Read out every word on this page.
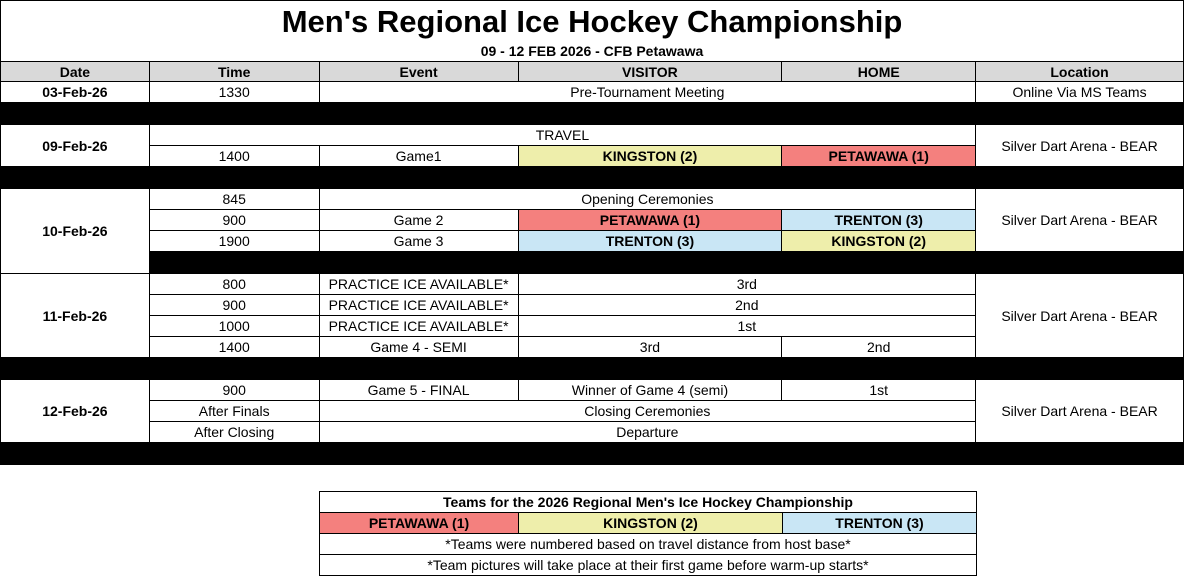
Men's Regional Ice Hockey Championship
09 - 12 FEB 2026 - CFB Petawawa
Date	Time	Event	VISITOR	HOME	Location
03-Feb-26	1330	Pre-Tournament Meeting			Online Via MS Teams

09-Feb-26	TRAVEL				Silver Dart Arena - BEAR
	1400	Game1	KINGSTON (2)	PETAWAWA (1)	

10-Feb-26	845	Opening Ceremonies			Silver Dart Arena - BEAR
	900	Game 2	PETAWAWA (1)	TRENTON (3)	
	1900	Game 3	TRENTON (3)	KINGSTON (2)	

11-Feb-26	800	PRACTICE ICE AVAILABLE*	3rd		Silver Dart Arena - BEAR
	900	PRACTICE ICE AVAILABLE*	2nd		
	1000	PRACTICE ICE AVAILABLE*	1st		
	1400	Game 4 - SEMI	3rd	2nd	

12-Feb-26	900	Game 5 - FINAL	Winner of Game 4 (semi)	1st	Silver Dart Arena - BEAR
	After Finals	Closing Ceremonies			
	After Closing	Departure			

Teams for the 2026 Regional Men's Ice Hockey Championship
PETAWAWA (1)	KINGSTON (2)	TRENTON (3)
*Teams were numbered based on travel distance from host base*
*Team pictures will take place at their first game before warm-up starts*
